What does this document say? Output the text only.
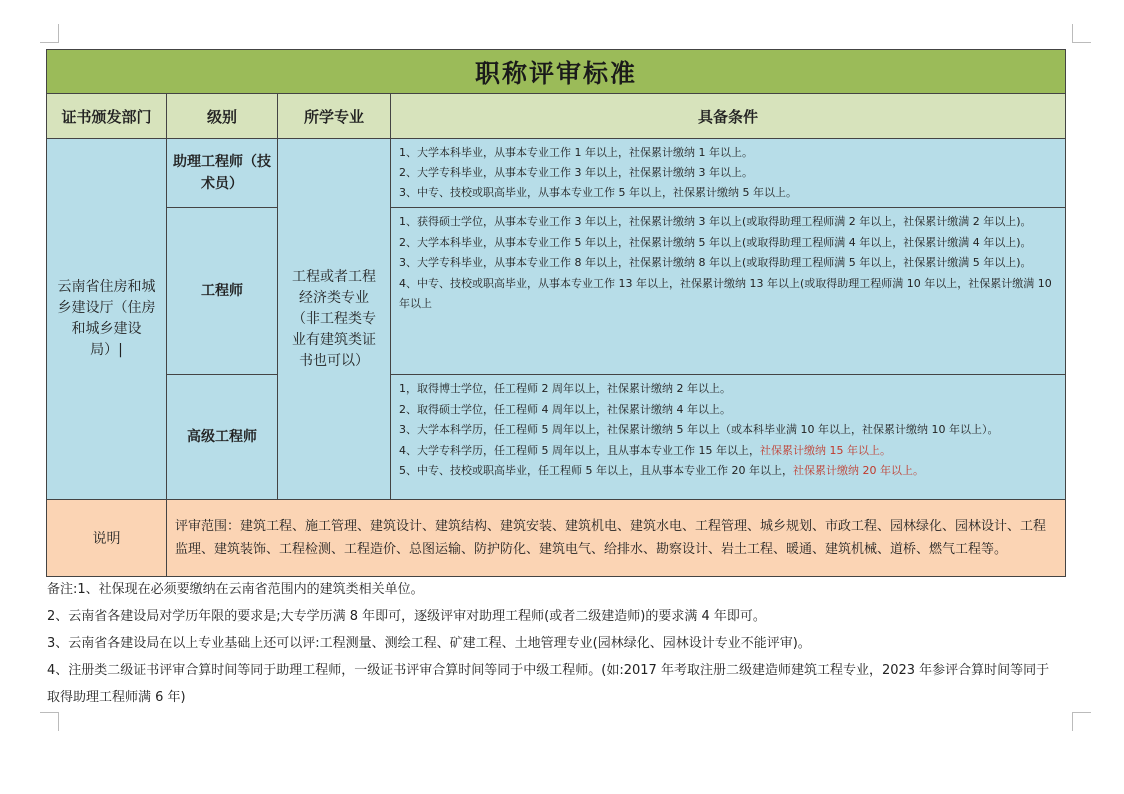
职称评审标准			
证书颁发部门	级别	所学专业	具备条件
云南省住房和城乡建设厅（住房和城乡建设局）|	助理工程师（技术员）	工程或者工程经济类专业（非工程类专业有建筑类证书也可以）	1、大学本科毕业，从事本专业工作 1 年以上，社保累计缴纳 1 年以上。
2、大学专科毕业，从事本专业工作 3 年以上，社保累计缴纳 3 年以上。
3、中专、技校或职高毕业，从事本专业工作 5 年以上，社保累计缴纳 5 年以上。

	工程师		1、获得硕士学位，从事本专业工作 3 年以上，社保累计缴纳 3 年以上(或取得助理工程师满 2 年以上，社保累计缴满 2 年以上)。
2、大学本科毕业，从事本专业工作 5 年以上，社保累计缴纳 5 年以上(或取得助理工程师满 4 年以上，社保累计缴满 4 年以上)。
3、大学专科毕业，从事本专业工作 8 年以上，社保累计缴纳 8 年以上(或取得助理工程师满 5 年以上，社保累计缴满 5 年以上)。
4、中专、技校或职高毕业，从事本专业工作 13 年以上，社保累计缴纳 13 年以上(或取得助理工程师满 10 年以上，社保累计缴满 10 年以上

	高级工程师		1，取得博士学位，任工程师 2 周年以上，社保累计缴纳 2 年以上。
2、取得硕士学位，任工程师 4 周年以上，社保累计缴纳 4 年以上。
3、大学本科学历，任工程师 5 周年以上，社保累计缴纳 5 年以上（或本科毕业满 10 年以上，社保累计缴纳 10 年以上）。
4、大学专科学历，任工程师 5 周年以上，且从事本专业工作 15 年以上，社保累计缴纳 15 年以上。
5、中专、技校或职高毕业，任工程师 5 年以上，且从事本专业工作 20 年以上，社保累计缴纳 20 年以上。

说明	评审范围：建筑工程、施工管理、建筑设计、建筑结构、建筑安装、建筑机电、建筑水电、工程管理、城乡规划、市政工程、园林绿化、园林设计、工程监理、建筑装饰、工程检测、工程造价、总图运输、防护防化、建筑电气、给排水、勘察设计、岩土工程、暖通、建筑机械、道桥、燃气工程等。		
备注:1、社保现在必须要缴纳在云南省范围内的建筑类相关单位。
2、云南省各建设局对学历年限的要求是;大专学历满 8 年即可，逐级评审对助理工程师(或者二级建造师)的要求满 4 年即可。
3、云南省各建设局在以上专业基础上还可以评:工程测量、测绘工程、矿建工程、土地管理专业(园林绿化、园林设计专业不能评审)。
4、注册类二级证书评审合算时间等同于助理工程师，一级证书评审合算时间等同于中级工程师。(如:2017 年考取注册二级建造师建筑工程专业，2023 年参评合算时间等同于取得助理工程师满 6 年)
